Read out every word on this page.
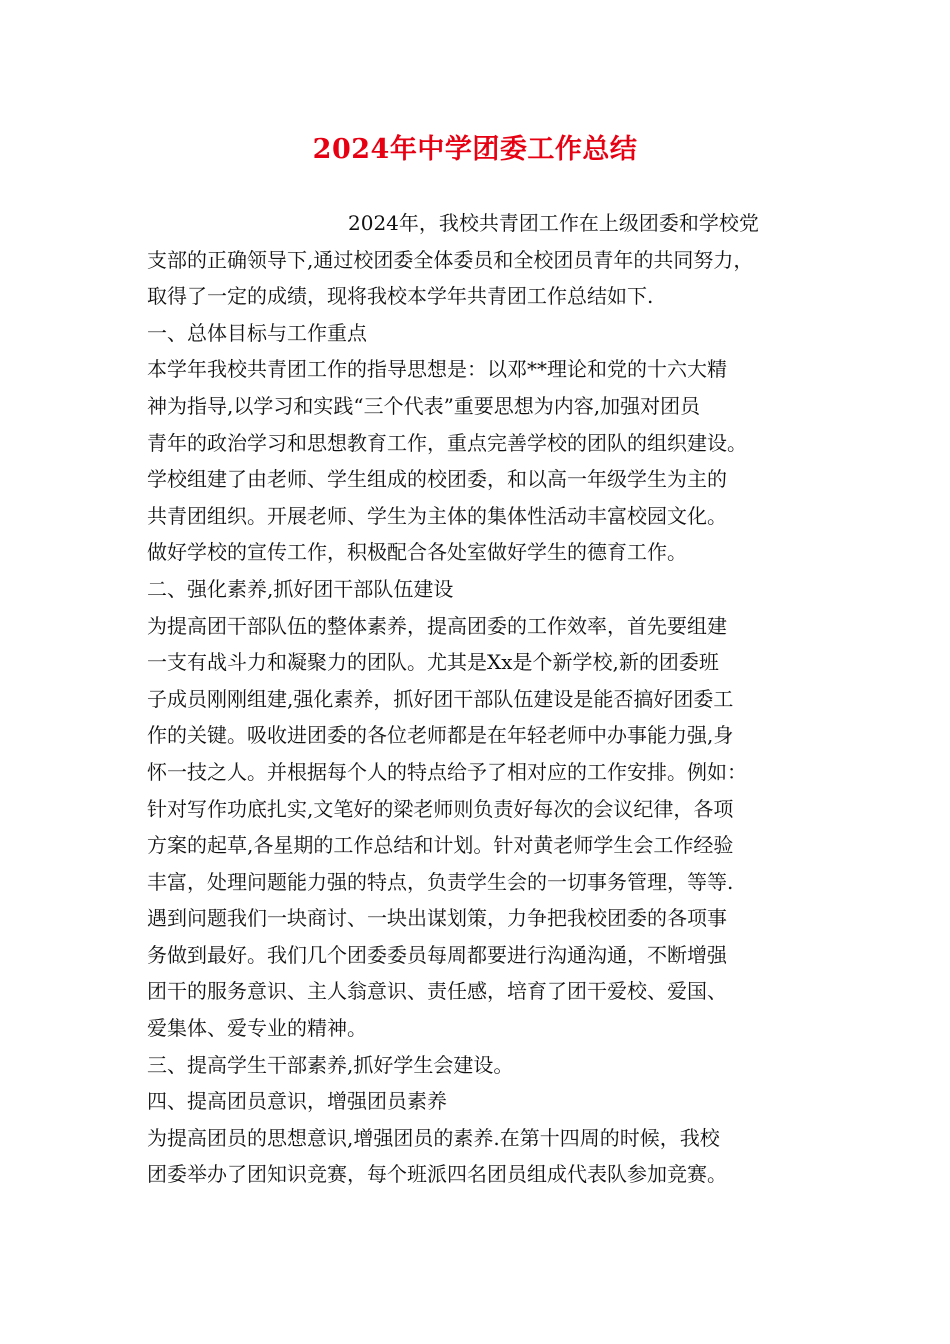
2024年中学团委工作总结
2024年，我校共青团工作在上级团委和学校党
支部的正确领导下,通过校团委全体委员和全校团员青年的共同努力，
取得了一定的成绩，现将我校本学年共青团工作总结如下.
一、总体目标与工作重点
本学年我校共青团工作的指导思想是：以邓**理论和党的十六大精
神为指导,以学习和实践“三个代表”重要思想为内容,加强对团员
青年的政治学习和思想教育工作，重点完善学校的团队的组织建设。
学校组建了由老师、学生组成的校团委，和以高一年级学生为主的
共青团组织。开展老师、学生为主体的集体性活动丰富校园文化。
做好学校的宣传工作，积极配合各处室做好学生的德育工作。
二、强化素养,抓好团干部队伍建设
为提高团干部队伍的整体素养，提高团委的工作效率，首先要组建
一支有战斗力和凝聚力的团队。尤其是Xx是个新学校,新的团委班
子成员刚刚组建,强化素养，抓好团干部队伍建设是能否搞好团委工
作的关键。吸收进团委的各位老师都是在年轻老师中办事能力强,身
怀一技之人。并根据每个人的特点给予了相对应的工作安排。例如：
针对写作功底扎实,文笔好的梁老师则负责好每次的会议纪律，各项
方案的起草,各星期的工作总结和计划。针对黄老师学生会工作经验
丰富，处理问题能力强的特点，负责学生会的一切事务管理，等等.
遇到问题我们一块商讨、一块出谋划策，力争把我校团委的各项事
务做到最好。我们几个团委委员每周都要进行沟通沟通，不断增强
团干的服务意识、主人翁意识、责任感，培育了团干爱校、爱国、
爱集体、爱专业的精神。
三、提高学生干部素养,抓好学生会建设。
四、提高团员意识，增强团员素养
为提高团员的思想意识,增强团员的素养.在第十四周的时候，我校
团委举办了团知识竞赛，每个班派四名团员组成代表队参加竞赛。
